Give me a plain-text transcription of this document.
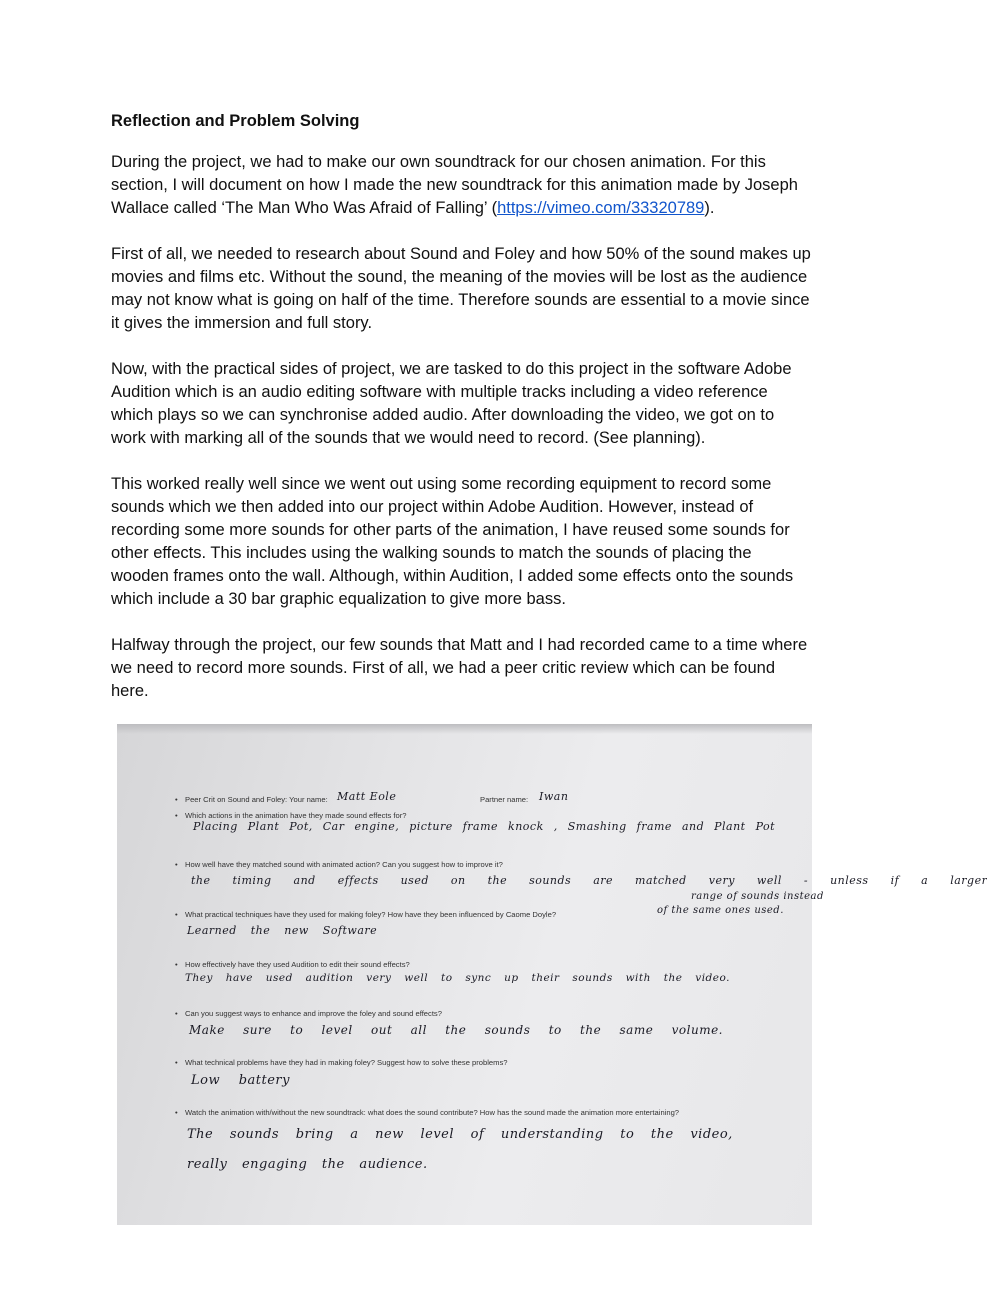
Reflection and Problem Solving

During the project, we had to make our own soundtrack for our chosen animation. For this section, I will document on how I made the new soundtrack for this animation made by Joseph Wallace called ‘The Man Who Was Afraid of Falling’ (https://vimeo.com/33320789).

First of all, we needed to research about Sound and Foley and how 50% of the sound makes up movies and films etc. Without the sound, the meaning of the movies will be lost as the audience may not know what is going on half of the time. Therefore sounds are essential to a movie since it gives the immersion and full story.

Now, with the practical sides of project, we are tasked to do this project in the software Adobe Audition which is an audio editing software with multiple tracks including a video reference which plays so we can synchronise added audio. After downloading the video, we got on to work with marking all of the sounds that we would need to record. (See planning).

This worked really well since we went out using some recording equipment to record some sounds which we then added into our project within Adobe Audition. However, instead of recording some more sounds for other parts of the animation, I have reused some sounds for other effects. This includes using the walking sounds to match the sounds of placing the wooden frames onto the wall. Although, within Audition, I added some effects onto the sounds which include a 30 bar graphic equalization to give more bass.

Halfway through the project, our few sounds that Matt and I had recorded came to a time where we need to record more sounds. First of all, we had a peer critic review which can be found here.

• Peer Crit on Sound and Foley: Your name: Matt Eole	Partner name: Iwan
• Which actions in the animation have they made sound effects for?
Placing Plant Pot, Car engine, picture frame knock , Smashing frame and Plant Pot
• How well have they matched sound with animated action? Can you suggest how to improve it?
the timing and effects used on the sounds are matched very well - unless if a larger
range of sounds instead
of the same ones used.
• What practical techniques have they used for making foley? How have they been influenced by Caome Doyle?
Learned the new Software
• How effectively have they used Audition to edit their sound effects?
They have used audition very well to sync up their sounds with the video.
• Can you suggest ways to enhance and improve the foley and sound effects?
Make sure to level out all the sounds to the same volume.
• What technical problems have they had in making foley? Suggest how to solve these problems?
Low battery
• Watch the animation with/without the new soundtrack: what does the sound contribute? How has the sound made the animation more entertaining?
The sounds bring a new level of understanding to the video,
really engaging the audience.
